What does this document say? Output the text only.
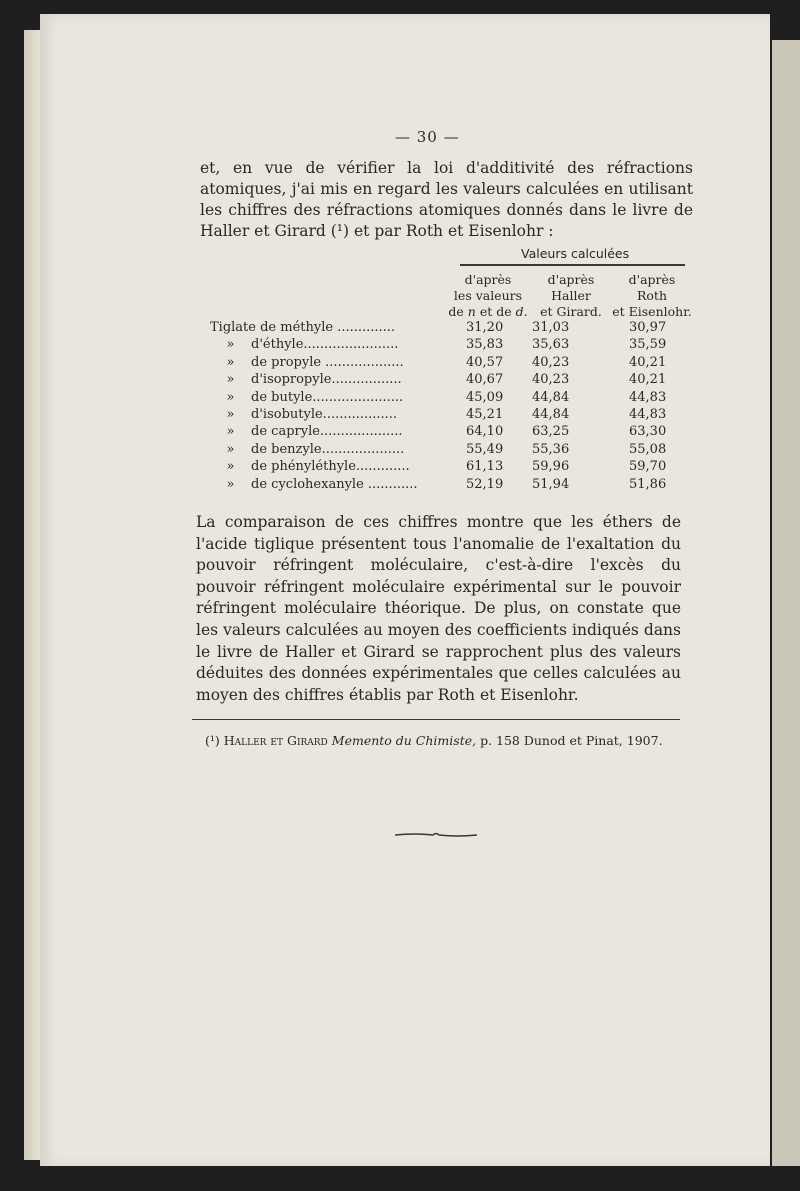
— 30 —
et, en vue de vérifier la loi d'additivité des réfractions atomiques, j'ai mis en regard les valeurs calculées en utilisant les chiffres des réfractions atomiques donnés dans le livre de Haller et Girard (¹) et par Roth et Eisenlohr :
Valeurs calculées
d'après
les valeurs
de n et de d.
d'après
Haller
et Girard.
d'après
Roth
et Eisenlohr.
Tiglate de méthyle ..............	31,20 31,03	30,97
»    d'éthyle.......................	35,83 35,63	35,59
»    de propyle ...................	40,57 40,23	40,21
»    d'isopropyle.................	40,67 40,23	40,21
»    de butyle......................	45,09 44,84	44,83
»    d'isobutyle..................	45,21 44,84	44,83
»    de capryle....................	64,10 63,25	63,30
»    de benzyle....................	55,49 55,36	55,08
»    de phényléthyle.............	61,13 59,96	59,70
»    de cyclohexanyle ............	52,19 51,94	51,86
La comparaison de ces chiffres montre que les éthers de l'acide tiglique présentent tous l'anomalie de l'exaltation du pouvoir réfringent moléculaire, c'est-à-dire l'excès du pouvoir réfringent moléculaire expérimental sur le pouvoir réfringent moléculaire théorique. De plus, on constate que les valeurs calculées au moyen des coefficients indiqués dans le livre de Haller et Girard se rapprochent plus des valeurs déduites des données expérimentales que celles calculées au moyen des chiffres établis par Roth et Eisenlohr.
(¹) Haller et Girard Memento du Chimiste, p. 158 Dunod et Pinat, 1907.
